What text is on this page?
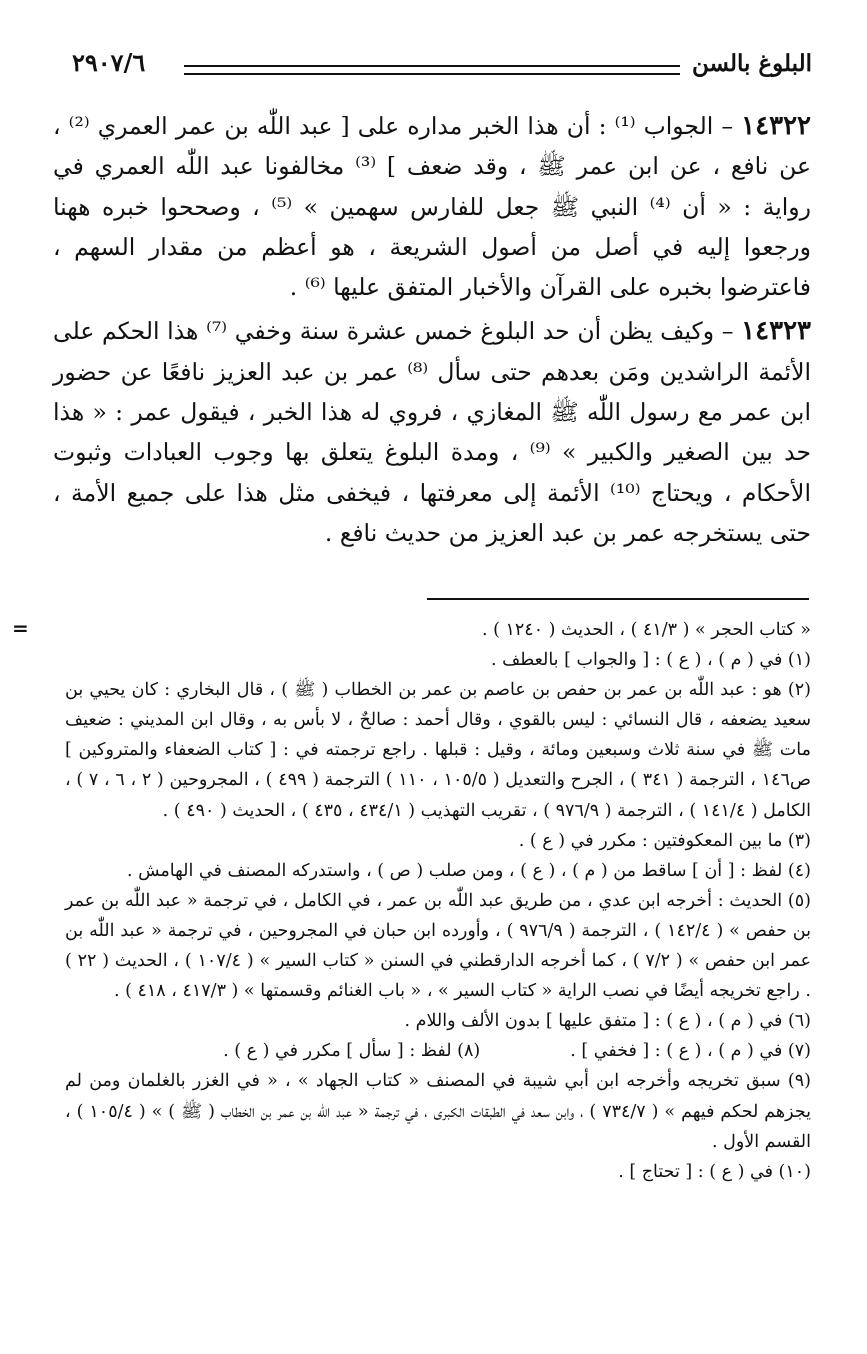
البلوغ بالسن
٢٩٠٧/٦

١٤٣٢٢ – الجواب ⁽¹⁾ : أن هذا الخبر مداره على [ عبد اللّٰه بن عمر العمري ⁽²⁾ ، عن نافع ، عن ابن عمر ﷺ ، وقد ضعف ] ⁽³⁾ مخالفونا عبد اللّٰه العمري في رواية : « أن ⁽⁴⁾ النبي ﷺ جعل للفارس سهمين » ⁽⁵⁾ ، وصححوا خبره ههنا ورجعوا إليه في أصل من أصول الشريعة ، هو أعظم من مقدار السهم ، فاعترضوا بخبره على القرآن والأخبار المتفق عليها ⁽⁶⁾ .

١٤٣٢٣ – وكيف يظن أن حد البلوغ خمس عشرة سنة وخفي ⁽⁷⁾ هذا الحكم على الأئمة الراشدين ومَن بعدهم حتى سأل ⁽⁸⁾ عمر بن عبد العزيز نافعًا عن حضور ابن عمر مع رسول اللّٰه ﷺ المغازي ، فروي له هذا الخبر ، فيقول عمر : « هذا حد بين الصغير والكبير » ⁽⁹⁾ ، ومدة البلوغ يتعلق بها وجوب العبادات وثبوت الأحكام ، ويحتاج ⁽¹⁰⁾ الأئمة إلى معرفتها ، فيخفى مثل هذا على جميع الأمة ، حتى يستخرجه عمر بن عبد العزيز من حديث نافع .

=	« كتاب الحجر » ( ٤١/٣ ) ، الحديث ( ١٢٤٠ ) .

(١) في ( م ) ، ( ع ) : [ والجواب ] بالعطف .

(٢) هو : عبد اللّٰه بن عمر بن حفص بن عاصم بن عمر بن الخطاب ( ﷺ ) ، قال البخاري : كان يحيي بن سعيد يضعفه ، قال النسائي : ليس بالقوي ، وقال أحمد : صالحٌ ، لا بأس به ، وقال ابن المديني : ضعيف مات ﷺ في سنة ثلاث وسبعين ومائة ، وقيل : قبلها . راجع ترجمته في : [ كتاب الضعفاء والمتروكين ] ص١٤٦ ، الترجمة ( ٣٤١ ) ، الجرح والتعديل ( ١٠٥/٥ ، ١١٠ ) الترجمة ( ٤٩٩ ) ، المجروحين ( ٢ ، ٦ ، ٧ ) ، الكامل ( ١٤١/٤ ) ، الترجمة ( ٩٧٦/٩ ) ، تقريب التهذيب ( ٤٣٤/١ ، ٤٣٥ ) ، الحديث ( ٤٩٠ ) .

(٣) ما بين المعكوفتين : مكرر في ( ع ) .

(٤) لفظ : [ أن ] ساقط من ( م ) ، ( ع ) ، ومن صلب ( ص ) ، واستدركه المصنف في الهامش .

(٥) الحديث : أخرجه ابن عدي ، من طريق عبد اللّٰه بن عمر ، في الكامل ، في ترجمة « عبد اللّٰه بن عمر بن حفص » ( ١٤٢/٤ ) ، الترجمة ( ٩٧٦/٩ ) ، وأورده ابن حبان في المجروحين ، في ترجمة « عبد اللّٰه بن عمر ابن حفص » ( ٧/٢ ) ، كما أخرجه الدارقطني في السنن « كتاب السير » ( ١٠٧/٤ ) ، الحديث ( ٢٢ ) . راجع تخريجه أيضًا في نصب الراية « كتاب السير » ، « باب الغنائم وقسمتها » ( ٤١٧/٣ ، ٤١٨ ) .

(٦) في ( م ) ، ( ع ) : [ متفق عليها ] بدون الألف واللام .

(٧) في ( م ) ، ( ع ) : [ فخفي ] .

(٨) لفظ : [ سأل ] مكرر في ( ع ) .

(٩) سبق تخريجه وأخرجه ابن أبي شيبة في المصنف « كتاب الجهاد » ، « في الغزر بالغلمان ومن لم يجزهم لحكم فيهم » ( ٧٣٤/٧ ) ، وابن سعد في الطبقات الكبرى ، في ترجمة « عبد اللّٰه بن عمر بن الخطاب ( ﷺ ) » ( ١٠٥/٤ ) ، القسم الأول .

(١٠) في ( ع ) : [ تحتاج ] .
